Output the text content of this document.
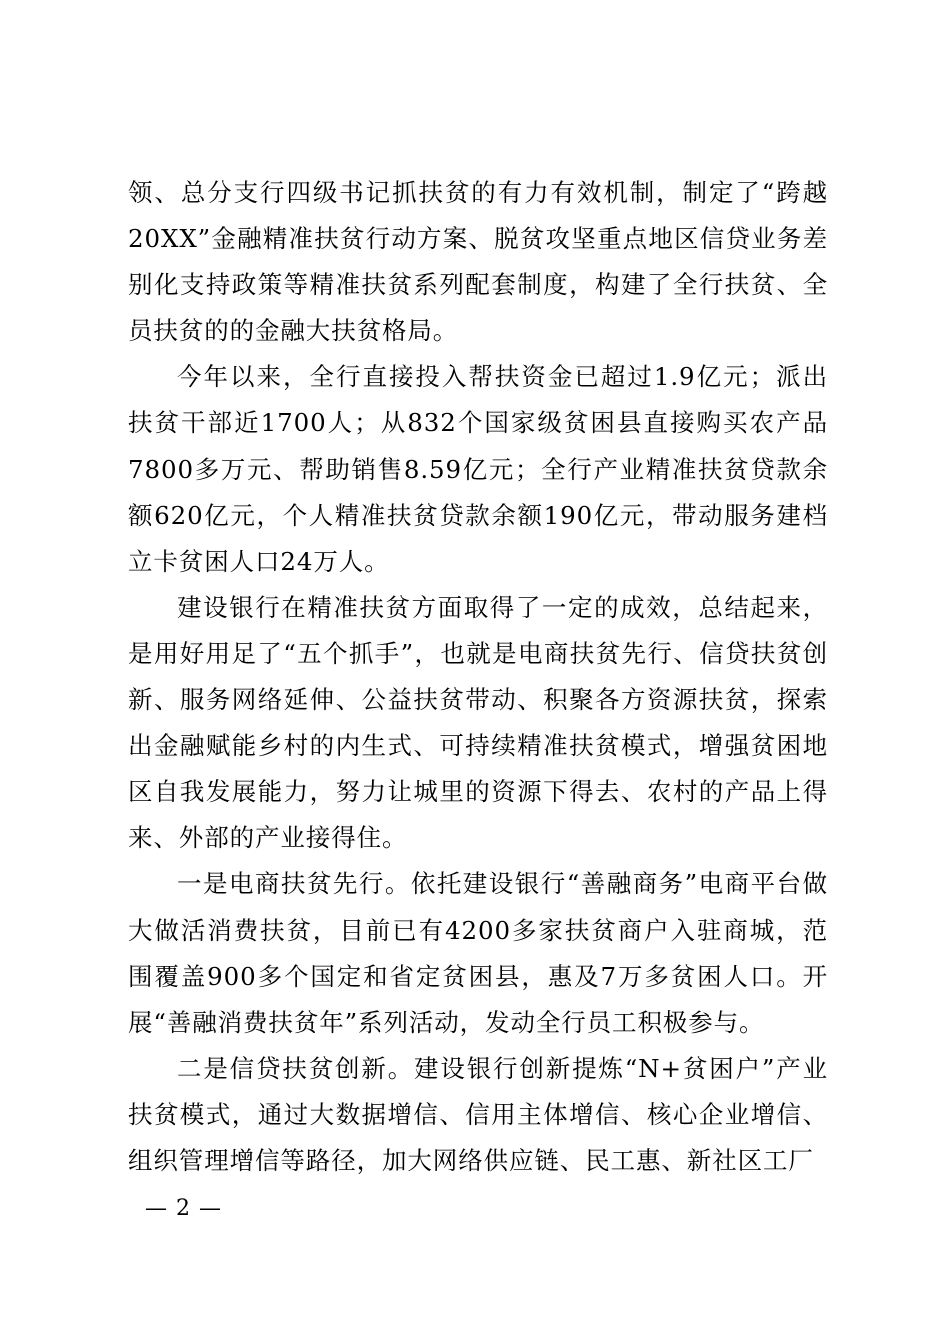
领、总分支行四级书记抓扶贫的有力有效机制，制定了“跨越20XX”金融精准扶贫行动方案、脱贫攻坚重点地区信贷业务差别化支持政策等精准扶贫系列配套制度，构建了全行扶贫、全员扶贫的的金融大扶贫格局。

今年以来，全行直接投入帮扶资金已超过1.9亿元；派出扶贫干部近1700人；从832个国家级贫困县直接购买农产品7800多万元、帮助销售8.59亿元；全行产业精准扶贫贷款余额620亿元，个人精准扶贫贷款余额190亿元，带动服务建档立卡贫困人口24万人。

建设银行在精准扶贫方面取得了一定的成效，总结起来，是用好用足了“五个抓手”，也就是电商扶贫先行、信贷扶贫创新、服务网络延伸、公益扶贫带动、积聚各方资源扶贫，探索出金融赋能乡村的内生式、可持续精准扶贫模式，增强贫困地区自我发展能力，努力让城里的资源下得去、农村的产品上得来、外部的产业接得住。

一是电商扶贫先行。依托建设银行“善融商务”电商平台做大做活消费扶贫，目前已有4200多家扶贫商户入驻商城，范围覆盖900多个国定和省定贫困县，惠及7万多贫困人口。开展“善融消费扶贫年”系列活动，发动全行员工积极参与。

二是信贷扶贫创新。建设银行创新提炼“N+贫困户”产业扶贫模式，通过大数据增信、信用主体增信、核心企业增信、组织管理增信等路径，加大网络供应链、民工惠、新社区工厂

— 2 —
